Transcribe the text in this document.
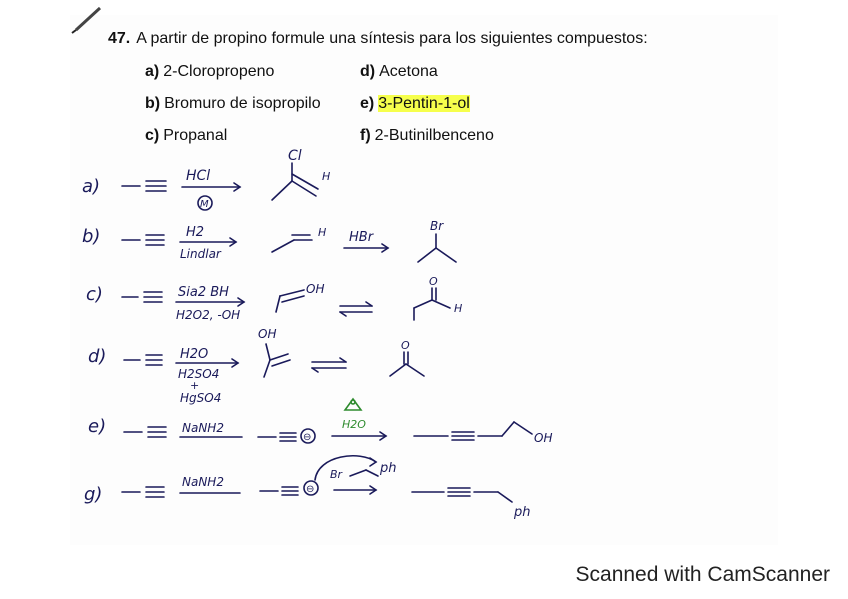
47. A partir de propino formule una síntesis para los siguientes compuestos:
a) 2-Cloropropeno
b) Bromuro de isopropilo
c) Propanal
d) Acetona
e) 3-Pentin-1-ol
f) 2-Butinilbenceno
a)	HCl
M
Cl
H
b)	H2
Lindlar
H HBr
Br
c)	Sia2 BH
H2O2, -OH
OH
O
H
d)	H2O
H2SO4
+
HgSO4
OH
O
e)	NaNH2
⊖
H2O
OH
g)
NaNH2
⊖
Br	ph
ph
Scanned with CamScanner
